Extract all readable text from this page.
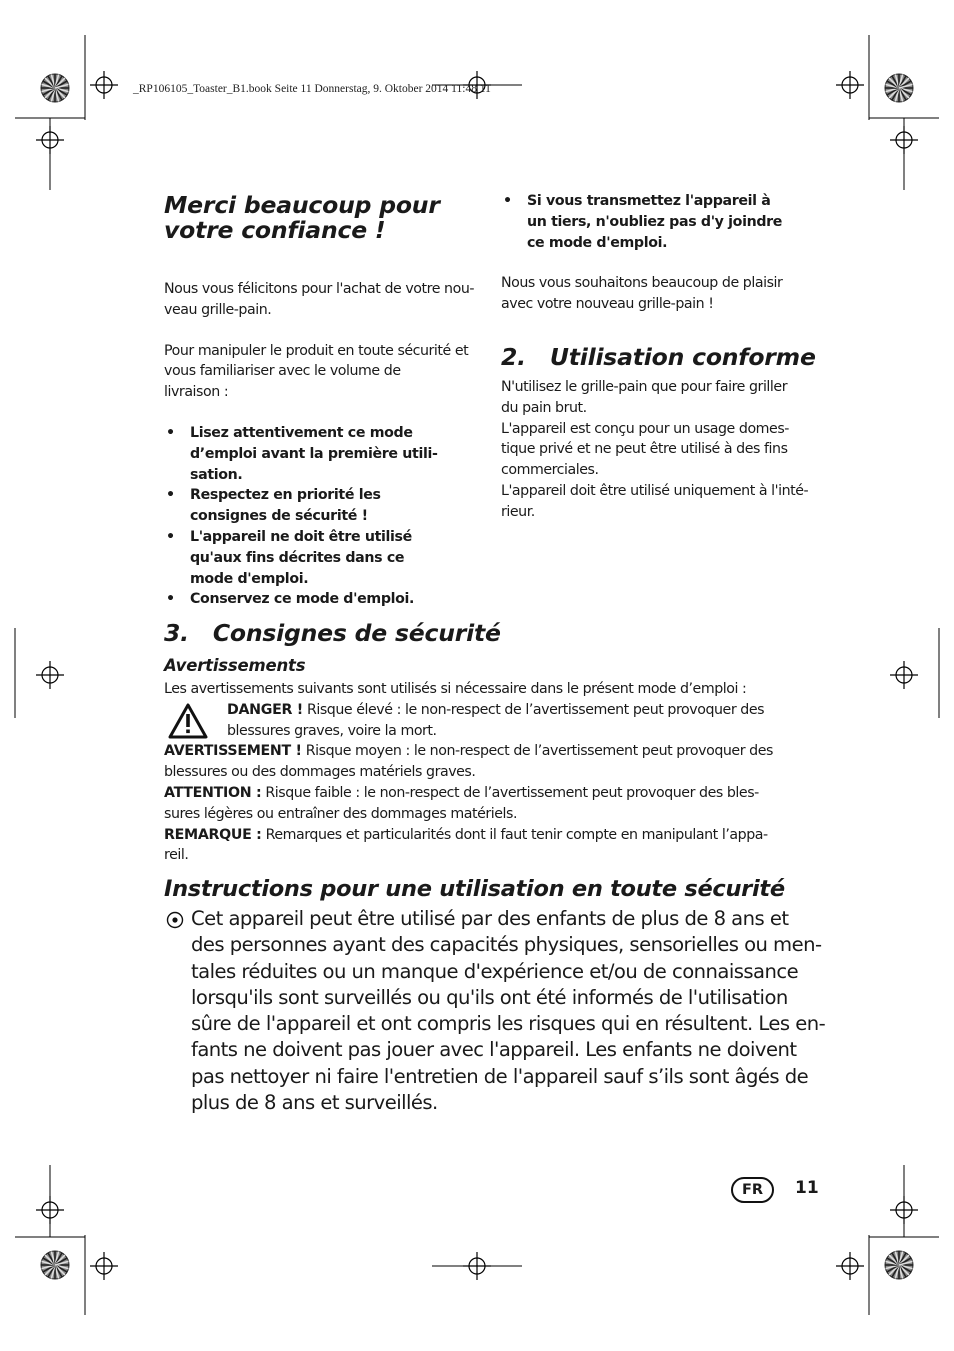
_RP106105_Toaster_B1.book Seite 11 Donnerstag, 9. Oktober 2014 11:48 11
Merci beaucoup pour
votre confiance !

Nous vous félicitons pour l'achat de votre nou-
veau grille-pain.

Pour manipuler le produit en toute sécurité et
vous familiariser avec le volume de
livraison :

• Lisez attentivement ce mode
d’emploi avant la première utili-
sation.
• Respectez en priorité les
consignes de sécurité !
• L'appareil ne doit être utilisé
qu'aux fins décrites dans ce
mode d'emploi.
• Conservez ce mode d'emploi.
• Si vous transmettez l'appareil à
un tiers, n'oubliez pas d'y joindre
ce mode d'emploi.

Nous vous souhaitons beaucoup de plaisir
avec votre nouveau grille-pain !

2.   Utilisation conforme

N'utilisez le grille-pain que pour faire griller
du pain brut.
L'appareil est conçu pour un usage domes-
tique privé et ne peut être utilisé à des fins
commerciales.
L'appareil doit être utilisé uniquement à l'inté-
rieur.

3.   Consignes de sécurité
Avertissements

Les avertissements suivants sont utilisés si nécessaire dans le présent mode d’emploi :

DANGER ! Risque élevé : le non-respect de l’avertissement peut provoquer des
blessures graves, voire la mort.

AVERTISSEMENT ! Risque moyen : le non-respect de l’avertissement peut provoquer des
blessures ou des dommages matériels graves.

ATTENTION : Risque faible : le non-respect de l’avertissement peut provoquer des bles-
sures légères ou entraîner des dommages matériels.

REMARQUE : Remarques et particularités dont il faut tenir compte en manipulant l’appa-
reil.

Instructions pour une utilisation en toute sécurité

Cet appareil peut être utilisé par des enfants de plus de 8 ans et
des personnes ayant des capacités physiques, sensorielles ou men-
tales réduites ou un manque d'expérience et/ou de connaissance
lorsqu'ils sont surveillés ou qu'ils ont été informés de l'utilisation
sûre de l'appareil et ont compris les risques qui en résultent. Les en-
fants ne doivent pas jouer avec l'appareil. Les enfants ne doivent
pas nettoyer ni faire l'entretien de l'appareil sauf s’ils sont âgés de
plus de 8 ans et surveillés.

FR	11
